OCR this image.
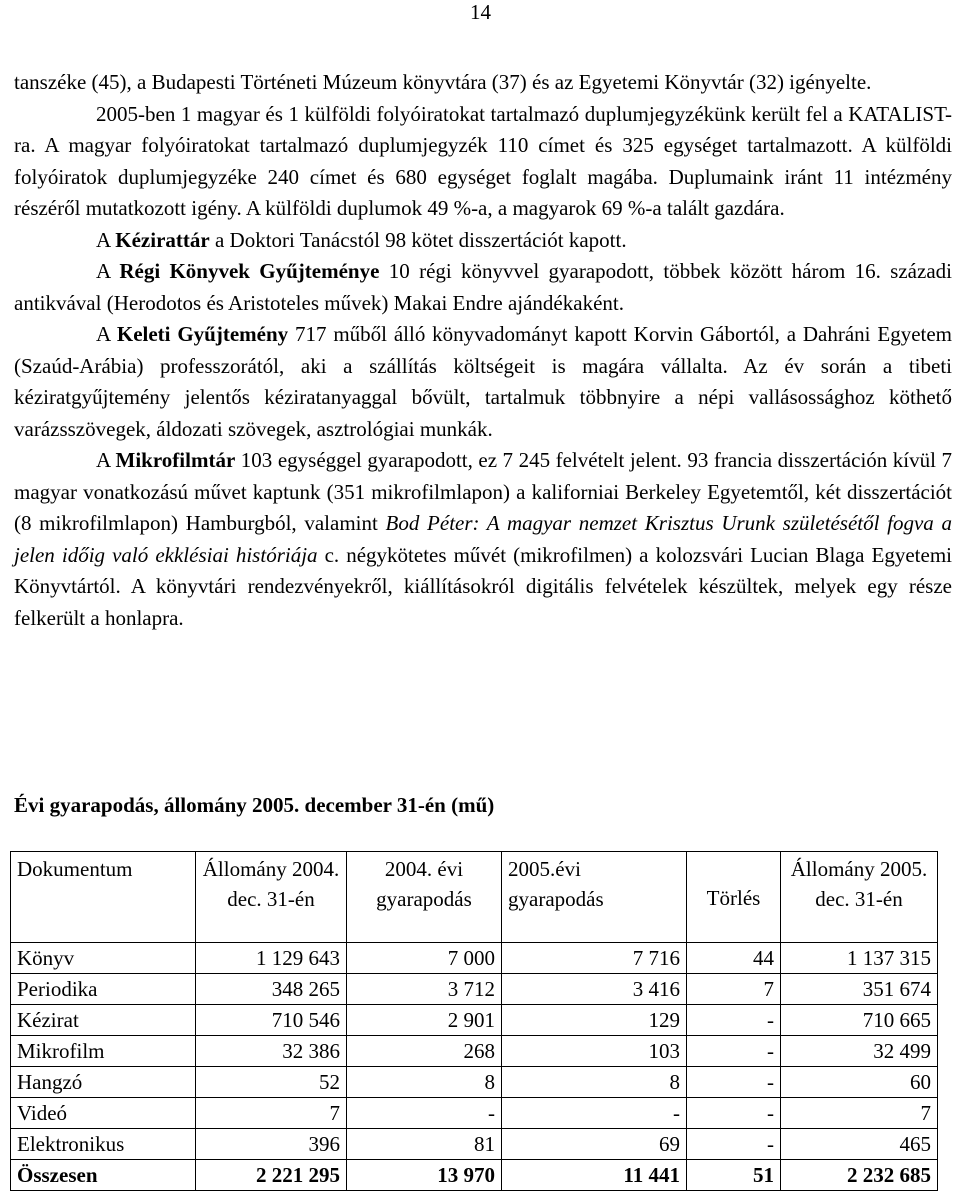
14

tanszéke (45), a Budapesti Történeti Múzeum könyvtára (37) és az Egyetemi Könyvtár (32) igényelte.

2005-ben 1 magyar és 1 külföldi folyóiratokat tartalmazó duplumjegyzékünk került fel a KATALIST-ra. A magyar folyóiratokat tartalmazó duplumjegyzék 110 címet és 325 egységet tartalmazott. A külföldi folyóiratok duplumjegyzéke 240 címet és 680 egységet foglalt magába. Duplumaink iránt 11 intézmény részéről mutatkozott igény. A külföldi duplumok 49 %-a, a magyarok 69 %-a talált gazdára.

A Kézirattár a Doktori Tanácstól 98 kötet disszertációt kapott.

A Régi Könyvek Gyűjteménye 10 régi könyvvel gyarapodott, többek között három 16. századi antikvával (Herodotos és Aristoteles művek) Makai Endre ajándékaként.

A Keleti Gyűjtemény 717 műből álló könyvadományt kapott Korvin Gábortól, a Dahráni Egyetem (Szaúd-Arábia) professzorától, aki a szállítás költségeit is magára vállalta. Az év során a tibeti kéziratgyűjtemény jelentős kéziratanyaggal bővült, tartalmuk többnyire a népi vallásossághoz köthető varázsszövegek, áldozati szövegek, asztrológiai munkák.

A Mikrofilmtár 103 egységgel gyarapodott, ez 7 245 felvételt jelent. 93 francia disszertáción kívül 7 magyar vonatkozású művet kaptunk (351 mikrofilmlapon) a kaliforniai Berkeley Egyetemtől, két disszertációt (8 mikrofilmlapon) Hamburgból, valamint Bod Péter: A magyar nemzet Krisztus Urunk születésétől fogva a jelen időig való ekklésiai históriája c. négykötetes művét (mikrofilmen) a kolozsvári Lucian Blaga Egyetemi Könyvtártól. A könyvtári rendezvényekről, kiállításokról digitális felvételek készültek, melyek egy része felkerült a honlapra.

Évi gyarapodás, állomány 2005. december 31-én (mű)
Dokumentum	Állomány 2004. dec. 31-én	2004. évi gyarapodás	2005.évi gyarapodás	Törlés	Állomány 2005. dec. 31-én
Könyv	1 129 643	7 000	7 716	44	1 137 315
Periodika	348 265	3 712	3 416	7	351 674
Kézirat	710 546	2 901	129	-	710 665
Mikrofilm	32 386	268	103	-	32 499
Hangzó	52	8	8	-	60
Videó	7	-	-	-	7
Elektronikus	396	81	69	-	465
Összesen	2 221 295	13 970	11 441	51	2 232 685
